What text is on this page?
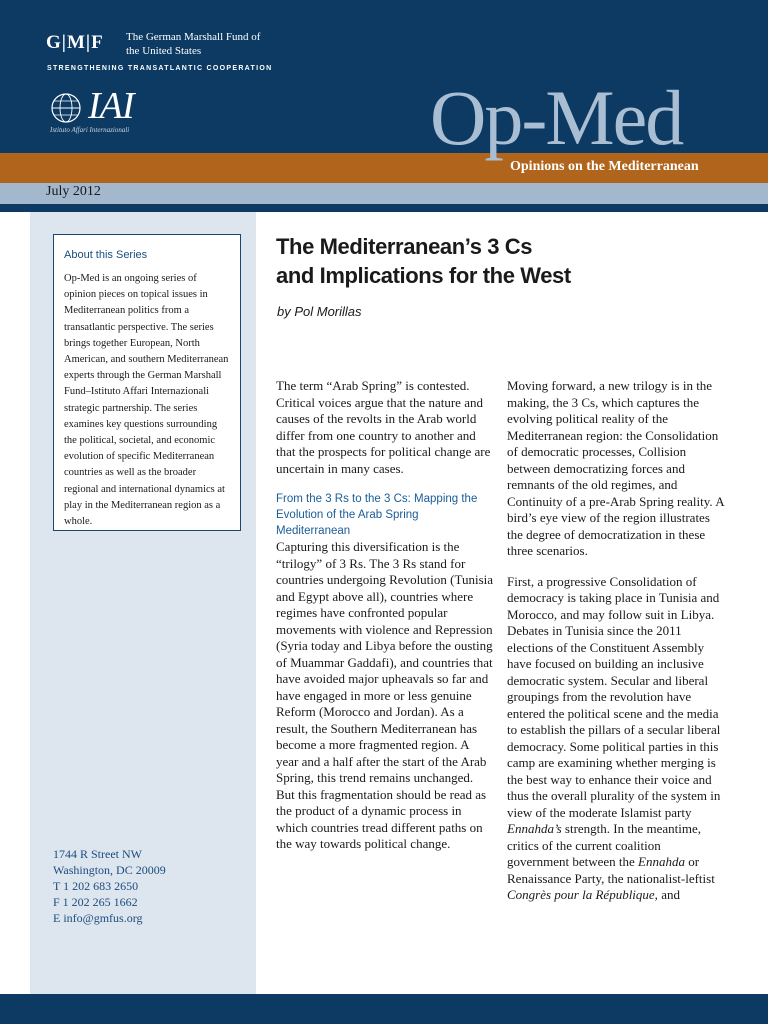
G|M|F The German Marshall Fund of the United States
STRENGTHENING TRANSATLANTIC COOPERATION
IAI
Istituto Affari Internazionali	Op-Med
Opinions on the Mediterranean
July 2012
About this Series
Op-Med is an ongoing series of opinion pieces on topical issues in Mediterranean politics from a transatlantic perspective. The series brings together European, North American, and southern Mediterranean experts through the German Marshall Fund–Istituto Affari Internazionali strategic partnership. The series examines key questions surrounding the political, societal, and economic evolution of specific Mediterranean countries as well as the broader regional and international dynamics at play in the Mediterranean region as a whole.
1744 R Street NW
Washington, DC 20009
T 1 202 683 2650
F 1 202 265 1662
E info@gmfus.org
The Mediterranean’s 3 Cs
and Implications for the West
by Pol Morillas

The term “Arab Spring” is contested. Critical voices argue that the nature and causes of the revolts in the Arab world differ from one country to another and that the prospects for political change are uncertain in many cases.

From the 3 Rs to the 3 Cs: Mapping the Evolution of the Arab Spring Mediterranean

Capturing this diversification is the “trilogy” of 3 Rs. The 3 Rs stand for countries undergoing Revolution (Tunisia and Egypt above all), countries where regimes have confronted popular movements with violence and Repression (Syria today and Libya before the ousting of Muammar Gaddafi), and countries that have avoided major upheavals so far and have engaged in more or less genuine Reform (Morocco and Jordan). As a result, the Southern Mediterranean has become a more fragmented region. A year and a half after the start of the Arab Spring, this trend remains unchanged. But this fragmentation should be read as the product of a dynamic process in which countries tread different paths on the way towards political change.

Moving forward, a new trilogy is in the making, the 3 Cs, which captures the evolving political reality of the Mediterranean region: the Consolidation of democratic processes, Collision between democratizing forces and remnants of the old regimes, and Continuity of a pre-Arab Spring reality. A bird’s eye view of the region illustrates the degree of democratization in these three scenarios.

First, a progressive Consolidation of democracy is taking place in Tunisia and Morocco, and may follow suit in Libya. Debates in Tunisia since the 2011 elections of the Constituent Assembly have focused on building an inclusive democratic system. Secular and liberal groupings from the revolution have entered the political scene and the media to establish the pillars of a secular liberal democracy. Some political parties in this camp are examining whether merging is the best way to enhance their voice and thus the overall plurality of the system in view of the moderate Islamist party Ennahda’s strength. In the meantime, critics of the current coalition government between the Ennahda or Renaissance Party, the nationalist-leftist Congrès pour la République, and
